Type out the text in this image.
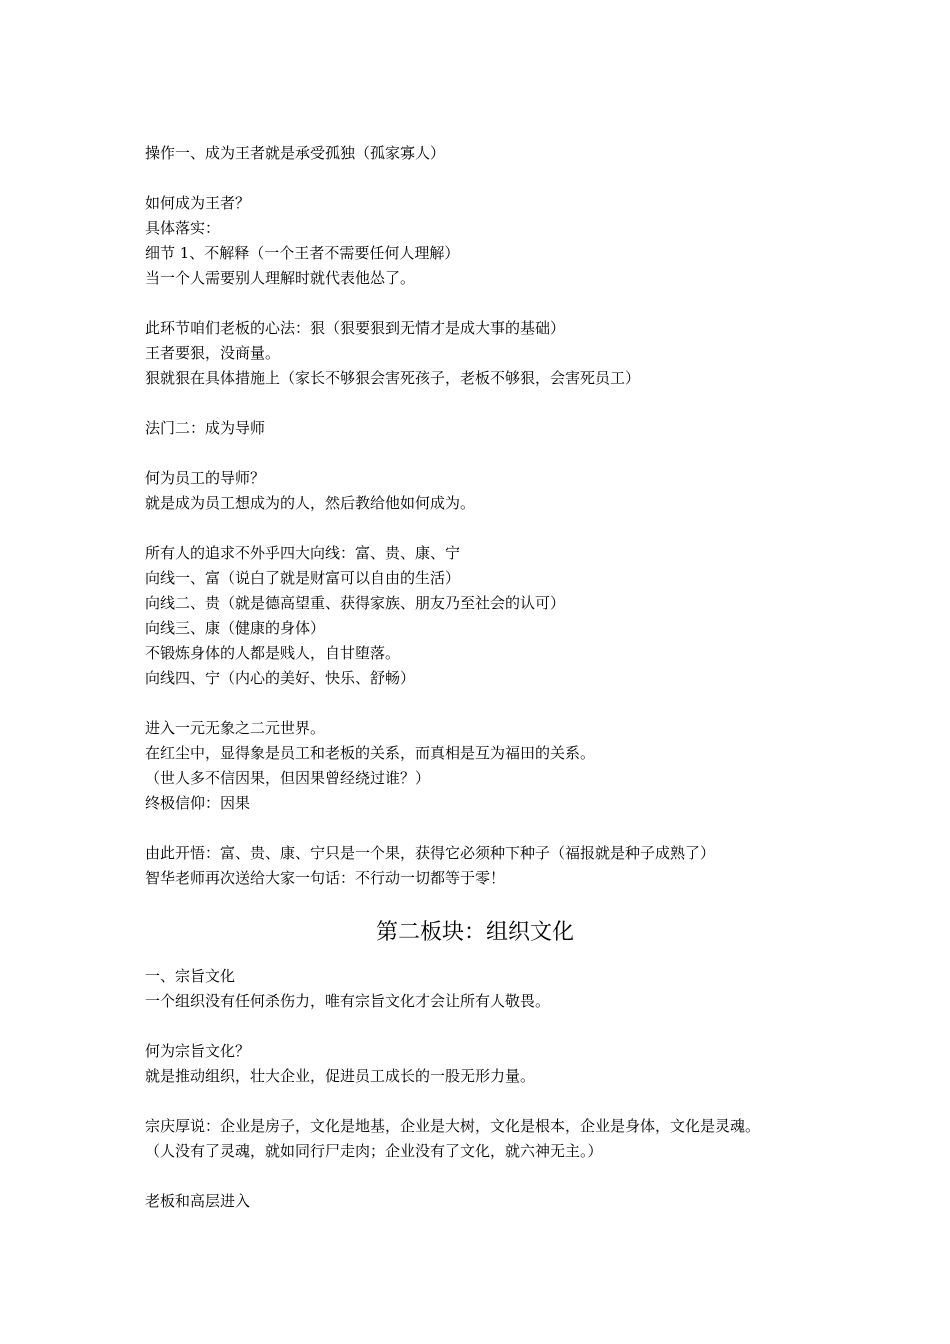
操作一、成为王者就是承受孤独（孤家寡人）
如何成为王者？
具体落实：
细节 1、不解释（一个王者不需要任何人理解）
当一个人需要别人理解时就代表他怂了。
此环节咱们老板的心法：狠（狠要狠到无情才是成大事的基础）
王者要狠，没商量。
狠就狠在具体措施上（家长不够狠会害死孩子，老板不够狠，会害死员工）
法门二：成为导师
何为员工的导师？
就是成为员工想成为的人，然后教给他如何成为。
所有人的追求不外乎四大向线：富、贵、康、宁
向线一、富（说白了就是财富可以自由的生活）
向线二、贵（就是德高望重、获得家族、朋友乃至社会的认可）
向线三、康（健康的身体）
不锻炼身体的人都是贱人，自甘堕落。
向线四、宁（内心的美好、快乐、舒畅）
进入一元无象之二元世界。
在红尘中，显得象是员工和老板的关系，而真相是互为福田的关系。
（世人多不信因果，但因果曾经绕过谁？）
终极信仰：因果
由此开悟：富、贵、康、宁只是一个果，获得它必须种下种子（福报就是种子成熟了）
智华老师再次送给大家一句话：不行动一切都等于零！
第二板块：组织文化
一、宗旨文化
一个组织没有任何杀伤力，唯有宗旨文化才会让所有人敬畏。
何为宗旨文化？
就是推动组织，壮大企业，促进员工成长的一股无形力量。
宗庆厚说：企业是房子，文化是地基，企业是大树，文化是根本，企业是身体，文化是灵魂。
（人没有了灵魂，就如同行尸走肉；企业没有了文化，就六神无主。）
老板和高层进入
